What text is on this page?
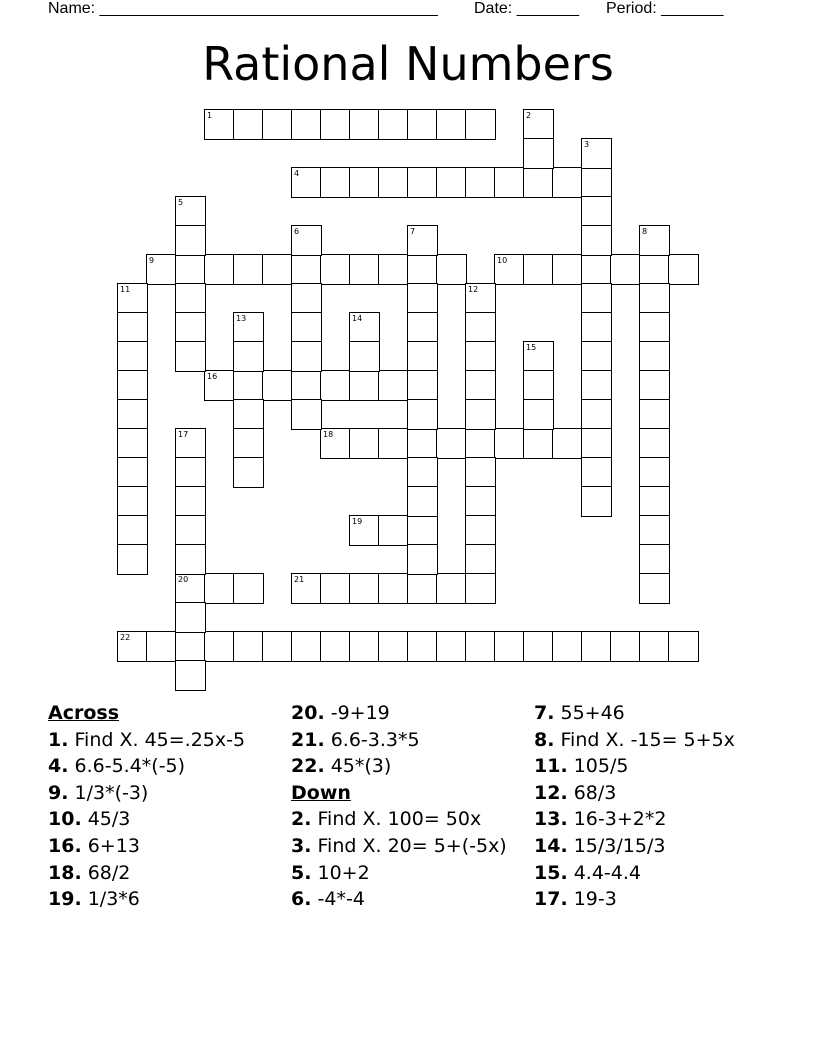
Name: ______________________________________ Date: _______ Period: _______
Rational Numbers
1
4
9	10
16
18
19
20	21
22
2
3
5
6	7	8
11	12
13	14
15
17
Across
1. Find X. 45=.25x-5
4. 6.6-5.4*(-5)
9. 1/3*(-3)
10. 45/3
16. 6+13
18. 68/2
19. 1/3*6
20. -9+19
21. 6.6-3.3*5
22. 45*(3)
Down
2. Find X. 100= 50x
3. Find X. 20= 5+(-5x)
5. 10+2
6. -4*-4
7. 55+46
8. Find X. -15= 5+5x
11. 105/5
12. 68/3
13. 16-3+2*2
14. 15/3/15/3
15. 4.4-4.4
17. 19-3
